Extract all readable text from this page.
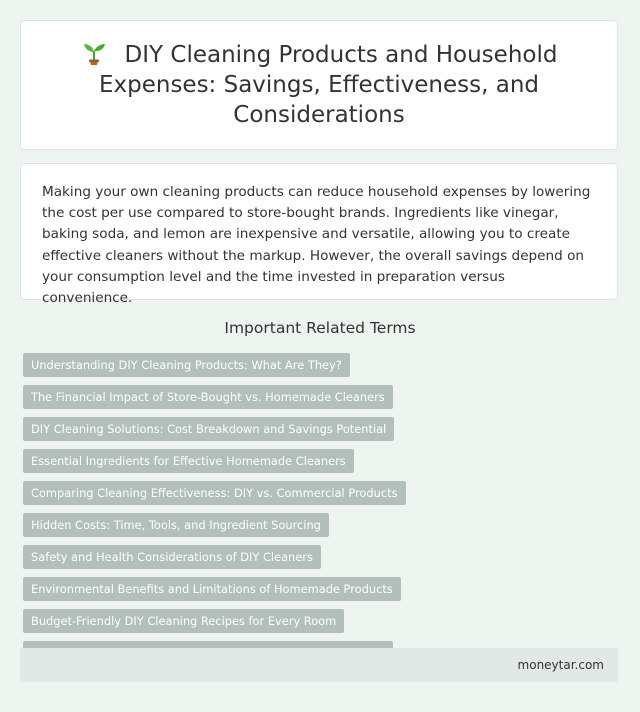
DIY Cleaning Products and Household Expenses: Savings, Effectiveness, and Considerations

Making your own cleaning products can reduce household expenses by lowering the cost per use compared to store-bought brands. Ingredients like vinegar, baking soda, and lemon are inexpensive and versatile, allowing you to create effective cleaners without the markup. However, the overall savings depend on your consumption level and the time invested in preparation versus convenience.

Important Related Terms
Understanding DIY Cleaning Products: What Are They?
The Financial Impact of Store-Bought vs. Homemade Cleaners
DIY Cleaning Solutions: Cost Breakdown and Savings Potential
Essential Ingredients for Effective Homemade Cleaners
Comparing Cleaning Effectiveness: DIY vs. Commercial Products
Hidden Costs: Time, Tools, and Ingredient Sourcing
Safety and Health Considerations of DIY Cleaners
Environmental Benefits and Limitations of Homemade Products
Budget-Friendly DIY Cleaning Recipes for Every Room
moneytar.com
